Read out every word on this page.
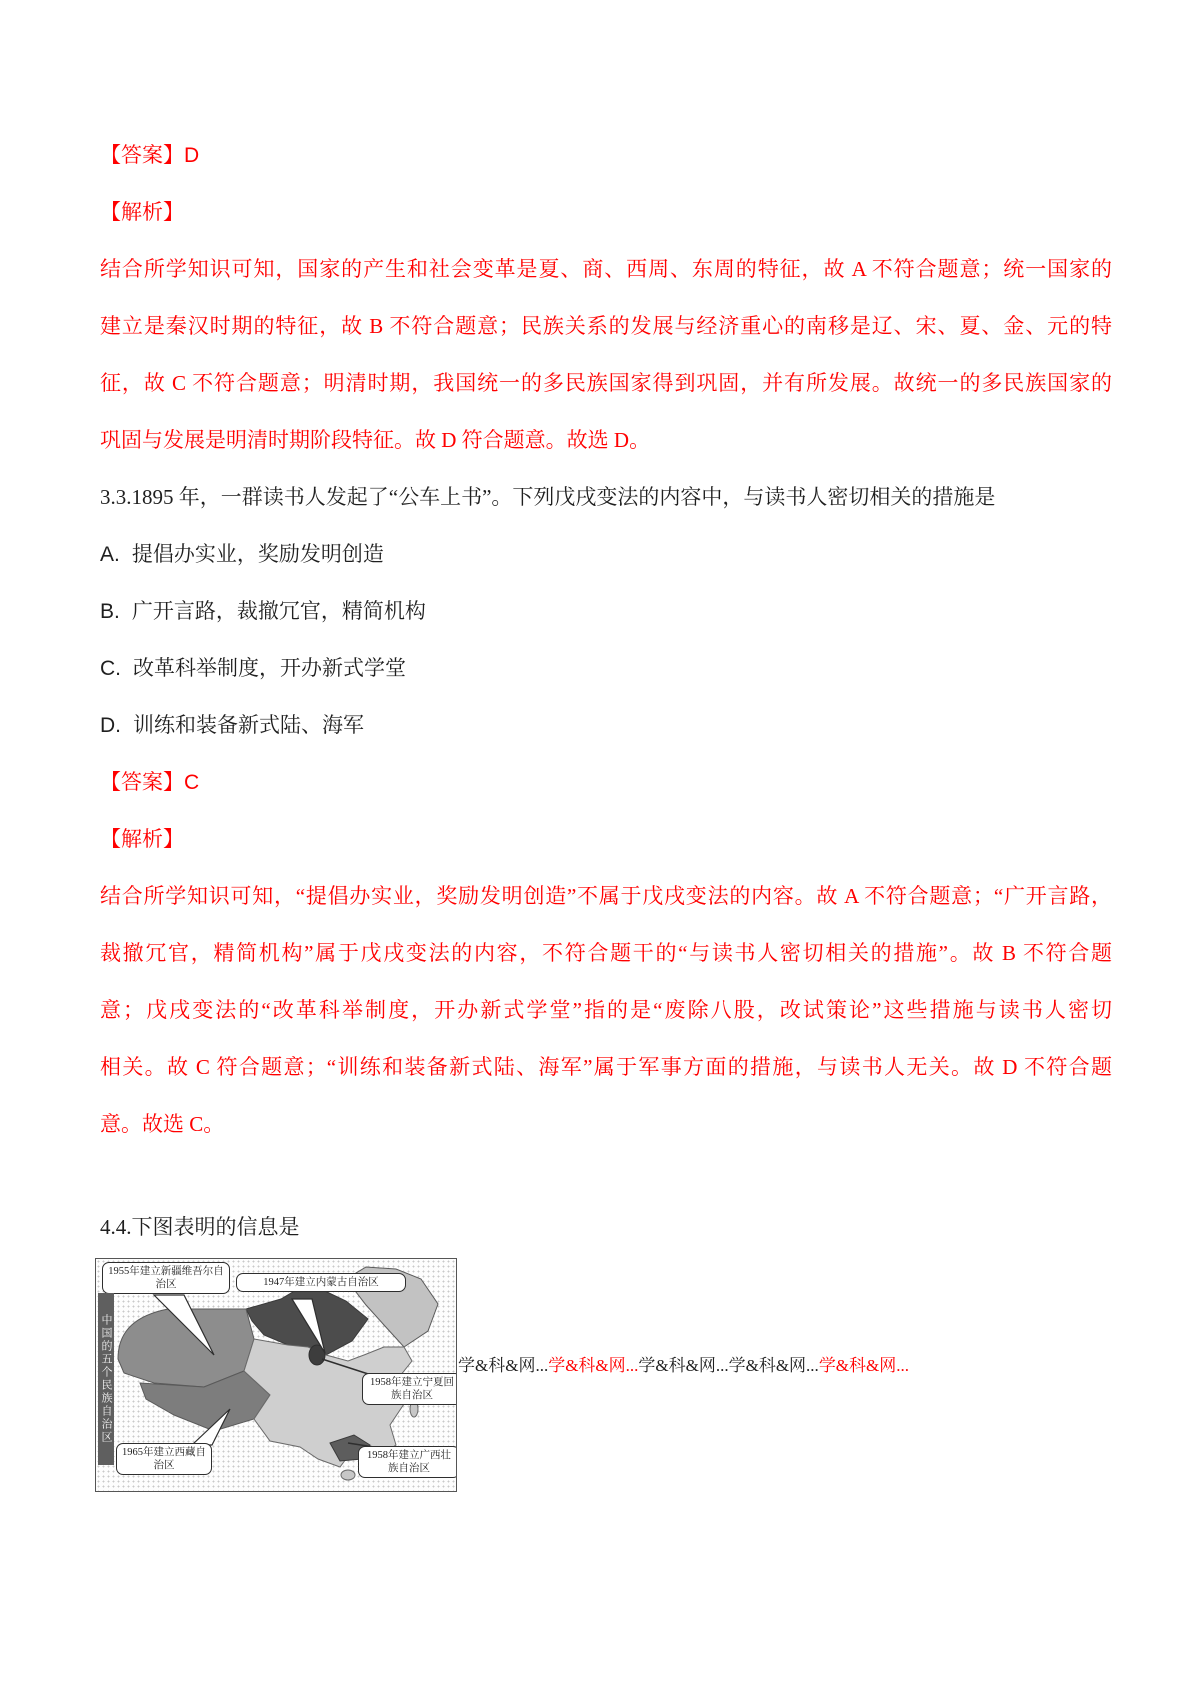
【答案】D
【解析】
结合所学知识可知，国家的产生和社会变革是夏、商、西周、东周的特征，故 A 不符合题意；统一国家的
建立是秦汉时期的特征，故 B 不符合题意；民族关系的发展与经济重心的南移是辽、宋、夏、金、元的特
征，故 C 不符合题意；明清时期，我国统一的多民族国家得到巩固，并有所发展。故统一的多民族国家的
巩固与发展是明清时期阶段特征。故 D 符合题意。故选 D。
3.3.1895 年，一群读书人发起了“公车上书”。下列戊戌变法的内容中，与读书人密切相关的措施是
A. 提倡办实业，奖励发明创造
B. 广开言路，裁撤冗官，精简机构
C. 改革科举制度，开办新式学堂
D. 训练和装备新式陆、海军
【答案】C
【解析】
结合所学知识可知，“提倡办实业，奖励发明创造”不属于戊戌变法的内容。故 A 不符合题意；“广开言路，
裁撤冗官，精简机构”属于戊戌变法的内容，不符合题干的“与读书人密切相关的措施”。故 B 不符合题
意；戊戌变法的“改革科举制度，开办新式学堂”指的是“废除八股，改试策论”这些措施与读书人密切
相关。故 C 符合题意；“训练和装备新式陆、海军”属于军事方面的措施，与读书人无关。故 D 不符合题
意。故选 C。
4.4.下图表明的信息是
中国的五个民族自治区
1955年建立新疆维吾尔自治区	1947年建立内蒙古自治区
1958年建立宁夏回族自治区
1965年建立西藏自治区
1958年建立广西壮族自治区
学&科&网...学&科&网...学&科&网...学&科&网...学&科&网...
